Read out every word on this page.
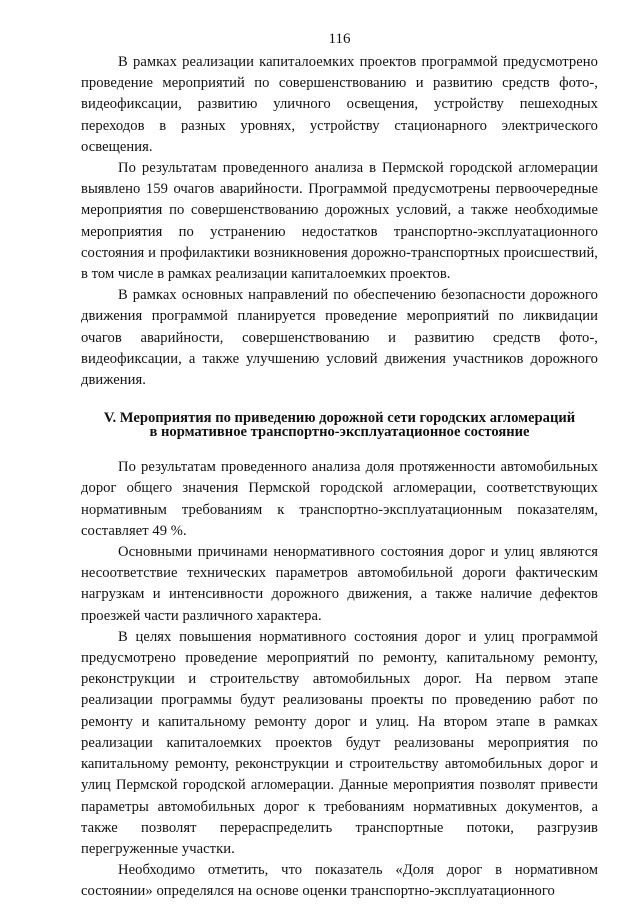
116

В рамках реализации капиталоемких проектов программой предусмотрено проведение мероприятий по совершенствованию и развитию средств фото-, видеофиксации, развитию уличного освещения, устройству пешеходных переходов в разных уровнях, устройству стационарного электрического освещения.

По результатам проведенного анализа в Пермской городской агломерации выявлено 159 очагов аварийности. Программой предусмотрены первоочередные мероприятия по совершенствованию дорожных условий, а также необходимые мероприятия по устранению недостатков транспортно-эксплуатационного состояния и профилактики возникновения дорожно-транспортных происшествий, в том числе в рамках реализации капиталоемких проектов.

В рамках основных направлений по обеспечению безопасности дорожного движения программой планируется проведение мероприятий по ликвидации очагов аварийности, совершенствованию и развитию средств фото-, видеофиксации, а также улучшению условий движения участников дорожного движения.

V. Мероприятия по приведению дорожной сети городских агломераций
в нормативное транспортно-эксплуатационное состояние

По результатам проведенного анализа доля протяженности автомобильных дорог общего значения Пермской городской агломерации, соответствующих нормативным требованиям к транспортно-эксплуатационным показателям, составляет 49 %.

Основными причинами ненормативного состояния дорог и улиц являются несоответствие технических параметров автомобильной дороги фактическим нагрузкам и интенсивности дорожного движения, а также наличие дефектов проезжей части различного характера.

В целях повышения нормативного состояния дорог и улиц программой предусмотрено проведение мероприятий по ремонту, капитальному ремонту, реконструкции и строительству автомобильных дорог. На первом этапе реализации программы будут реализованы проекты по проведению работ по ремонту и капитальному ремонту дорог и улиц. На втором этапе в рамках реализации капиталоемких проектов будут реализованы мероприятия по капитальному ремонту, реконструкции и строительству автомобильных дорог и улиц Пермской городской агломерации. Данные мероприятия позволят привести параметры автомобильных дорог к требованиям нормативных документов, а также позволят перераспределить транспортные потоки, разгрузив перегруженные участки.

Необходимо отметить, что показатель «Доля дорог в нормативном состоянии» определялся на основе оценки транспортно-эксплуатационного
